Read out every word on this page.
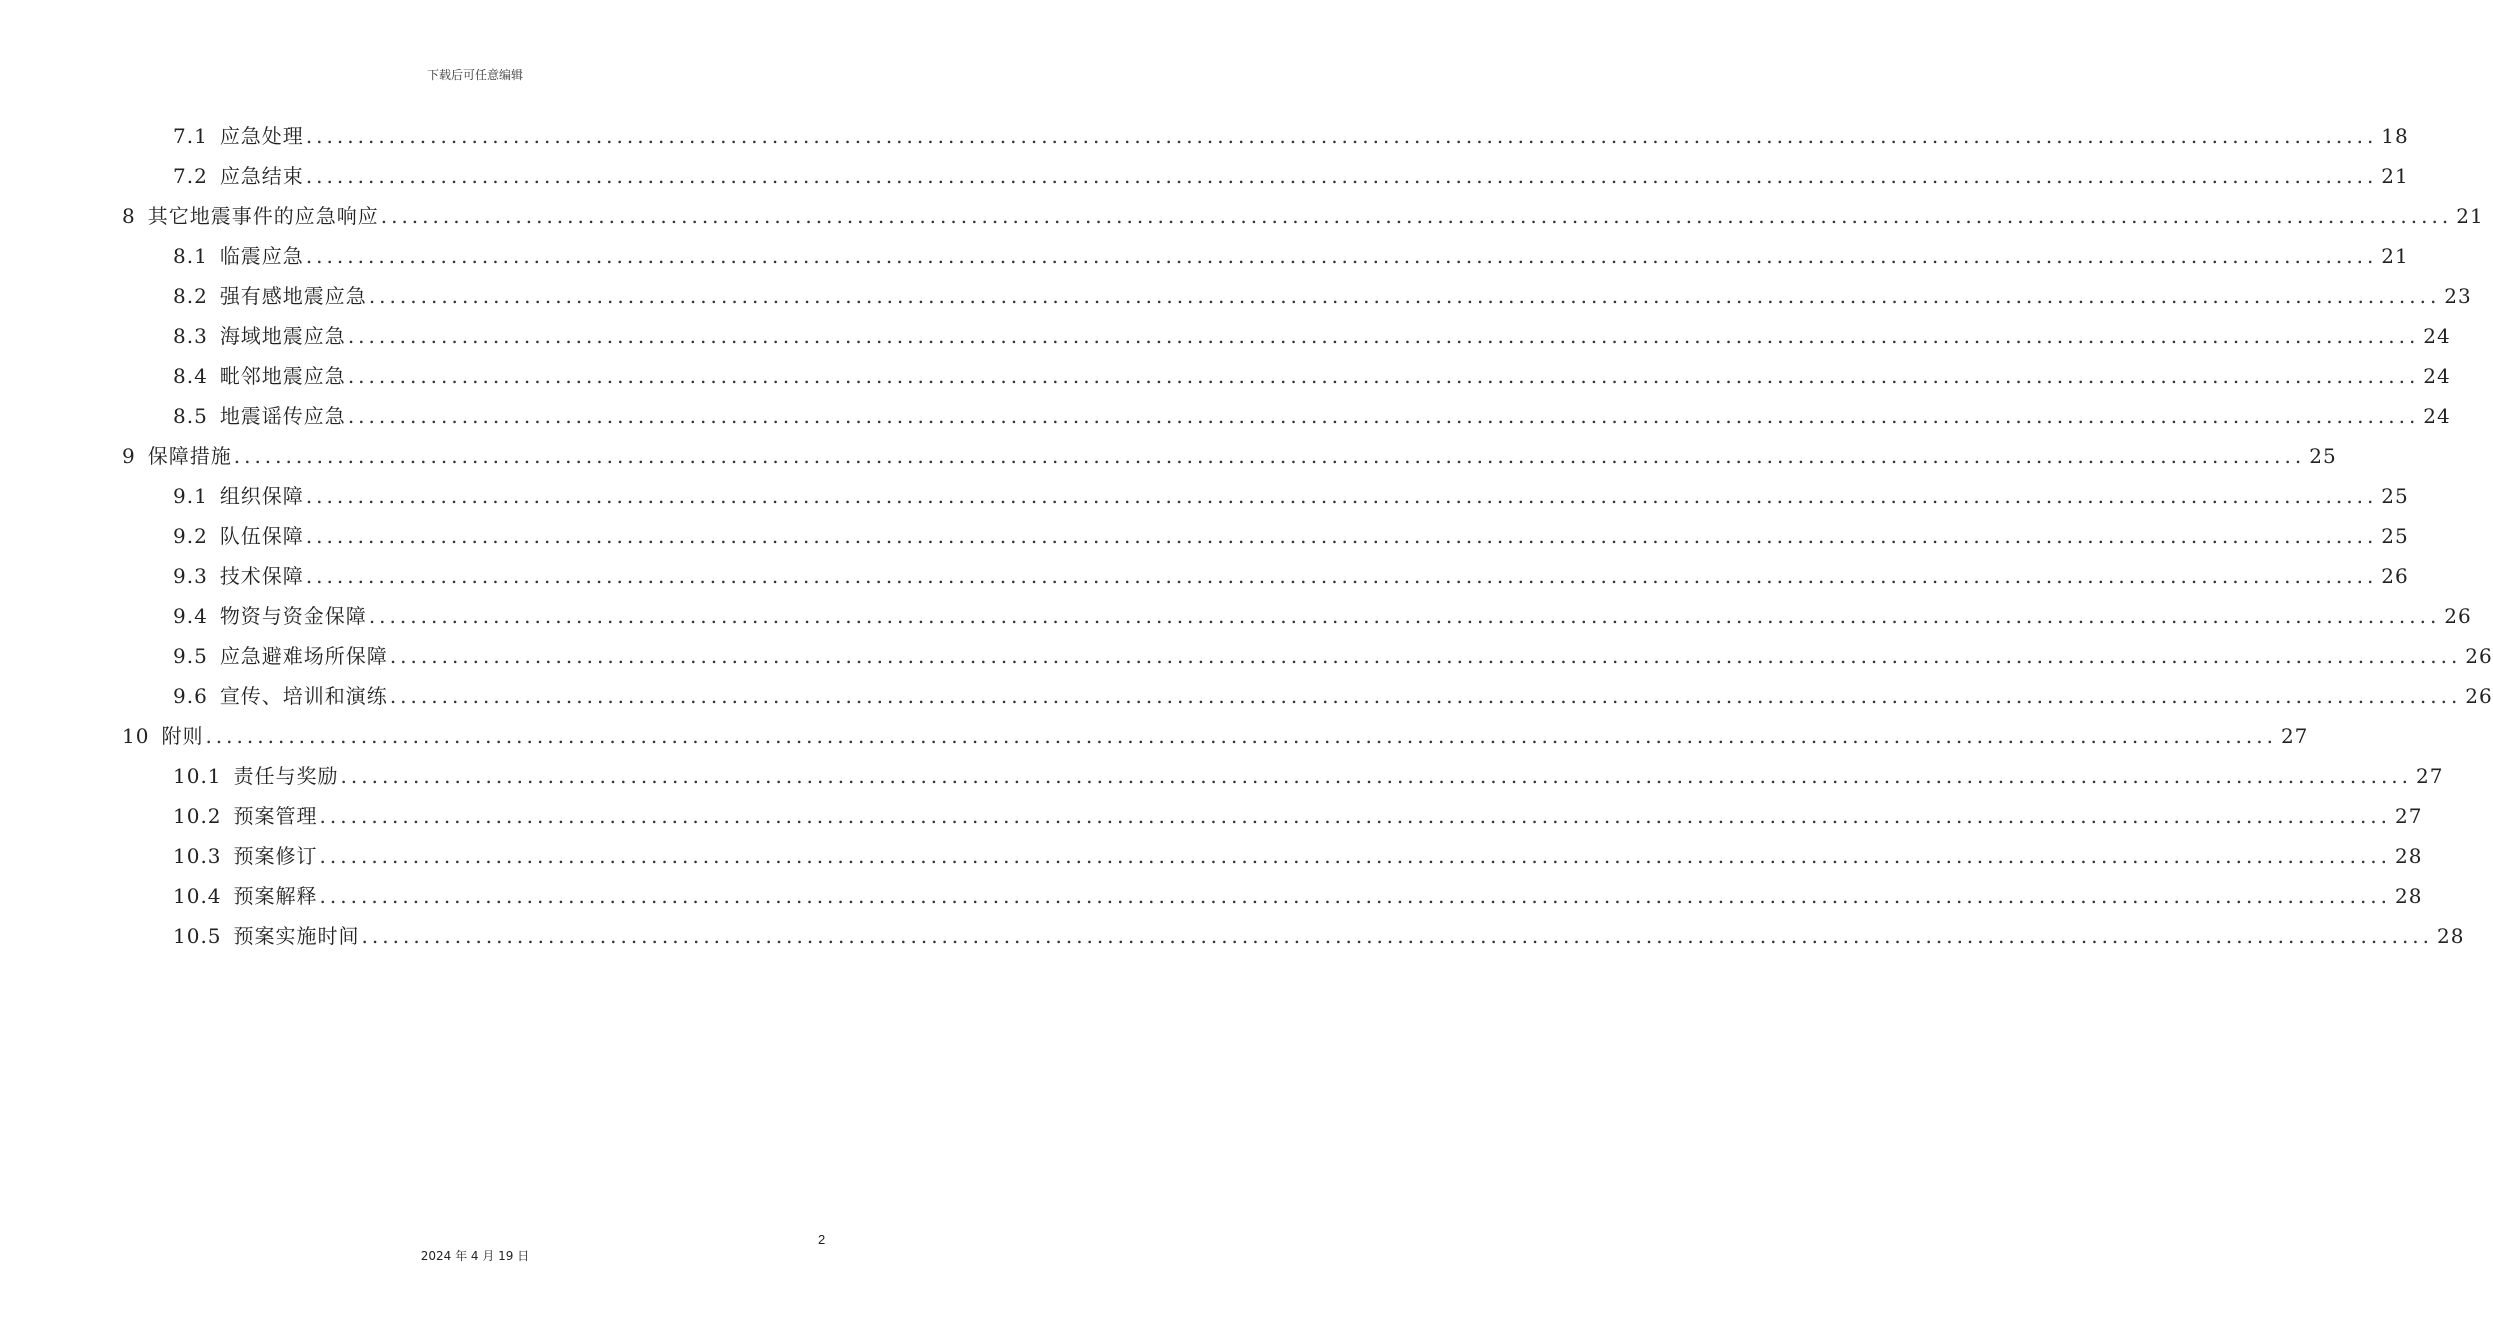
下载后可任意编辑
7.1 应急处理 ........................................................................................................................................................................................................ 18
7.2 应急结束 ........................................................................................................................................................................................................ 21
8 其它地震事件的应急响应 ........................................................................................................................................................................................................ 21
8.1 临震应急 ........................................................................................................................................................................................................ 21
8.2 强有感地震应急 ........................................................................................................................................................................................................ 23
8.3 海域地震应急 ........................................................................................................................................................................................................ 24
8.4 毗邻地震应急 ........................................................................................................................................................................................................ 24
8.5 地震谣传应急 ........................................................................................................................................................................................................ 24
9 保障措施 ........................................................................................................................................................................................................ 25
9.1 组织保障 ........................................................................................................................................................................................................ 25
9.2 队伍保障 ........................................................................................................................................................................................................ 25
9.3 技术保障 ........................................................................................................................................................................................................ 26
9.4 物资与资金保障 ........................................................................................................................................................................................................ 26
9.5 应急避难场所保障 ........................................................................................................................................................................................................ 26
9.6 宣传、培训和演练 ........................................................................................................................................................................................................ 26
10 附则 ........................................................................................................................................................................................................ 27
10.1 责任与奖励 ........................................................................................................................................................................................................ 27
10.2 预案管理 ........................................................................................................................................................................................................ 27
10.3 预案修订 ........................................................................................................................................................................................................ 28
10.4 预案解释 ........................................................................................................................................................................................................ 28
10.5 预案实施时间 ........................................................................................................................................................................................................ 28
2
2024 年 4 月 19 日
